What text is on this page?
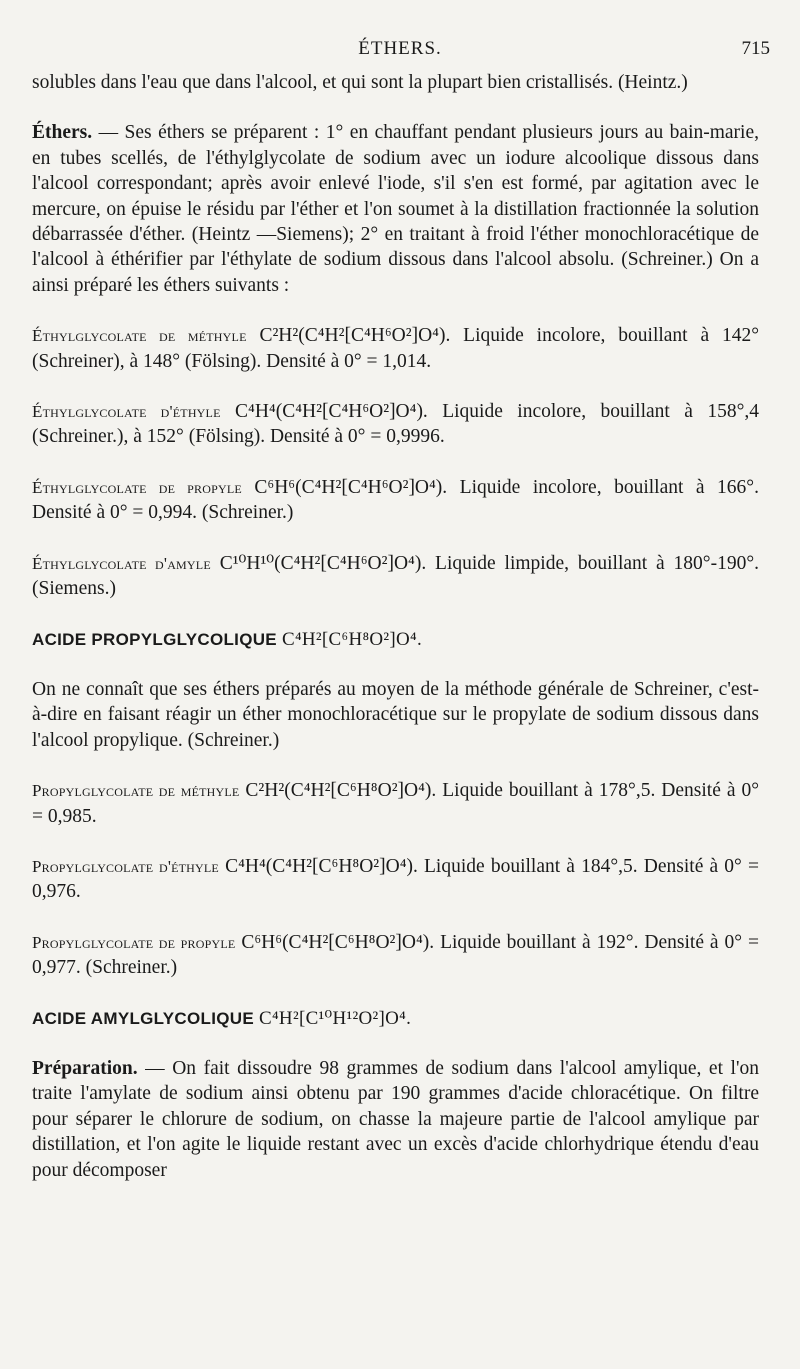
ÉTHERS.	715

solubles dans l'eau que dans l'alcool, et qui sont la plupart bien cristallisés. (Heintz.)

Éthers. — Ses éthers se préparent : 1° en chauffant pendant plusieurs jours au bain-marie, en tubes scellés, de l'éthylglycolate de sodium avec un iodure alcoolique dissous dans l'alcool correspondant; après avoir enlevé l'iode, s'il s'en est formé, par agitation avec le mercure, on épuise le résidu par l'éther et l'on soumet à la distillation fractionnée la solution débarrassée d'éther. (Heintz —Siemens); 2° en traitant à froid l'éther monochloracétique de l'alcool à éthérifier par l'éthylate de sodium dissous dans l'alcool absolu. (Schreiner.) On a ainsi préparé les éthers suivants :

Éthylglycolate de méthyle C²H²(C⁴H²[C⁴H⁶O²]O⁴). Liquide incolore, bouillant à 142° (Schreiner), à 148° (Fölsing). Densité à 0° = 1,014.

Éthylglycolate d'éthyle C⁴H⁴(C⁴H²[C⁴H⁶O²]O⁴). Liquide incolore, bouillant à 158°,4 (Schreiner.), à 152° (Fölsing). Densité à 0° = 0,9996.

Éthylglycolate de propyle C⁶H⁶(C⁴H²[C⁴H⁶O²]O⁴). Liquide incolore, bouillant à 166°. Densité à 0° = 0,994. (Schreiner.)

Éthylglycolate d'amyle C¹⁰H¹⁰(C⁴H²[C⁴H⁶O²]O⁴). Liquide limpide, bouillant à 180°-190°. (Siemens.)

ACIDE PROPYLGLYCOLIQUE C⁴H²[C⁶H⁸O²]O⁴.

On ne connaît que ses éthers préparés au moyen de la méthode générale de Schreiner, c'est-à-dire en faisant réagir un éther monochloracétique sur le propylate de sodium dissous dans l'alcool propylique. (Schreiner.)

Propylglycolate de méthyle C²H²(C⁴H²[C⁶H⁸O²]O⁴). Liquide bouillant à 178°,5. Densité à 0° = 0,985.

Propylglycolate d'éthyle C⁴H⁴(C⁴H²[C⁶H⁸O²]O⁴). Liquide bouillant à 184°,5. Densité à 0° = 0,976.

Propylglycolate de propyle C⁶H⁶(C⁴H²[C⁶H⁸O²]O⁴). Liquide bouillant à 192°. Densité à 0° = 0,977. (Schreiner.)

ACIDE AMYLGLYCOLIQUE C⁴H²[C¹⁰H¹²O²]O⁴.

Préparation. — On fait dissoudre 98 grammes de sodium dans l'alcool amylique, et l'on traite l'amylate de sodium ainsi obtenu par 190 grammes d'acide chloracétique. On filtre pour séparer le chlorure de sodium, on chasse la majeure partie de l'alcool amylique par distillation, et l'on agite le liquide restant avec un excès d'acide chlorhydrique étendu d'eau pour décomposer
